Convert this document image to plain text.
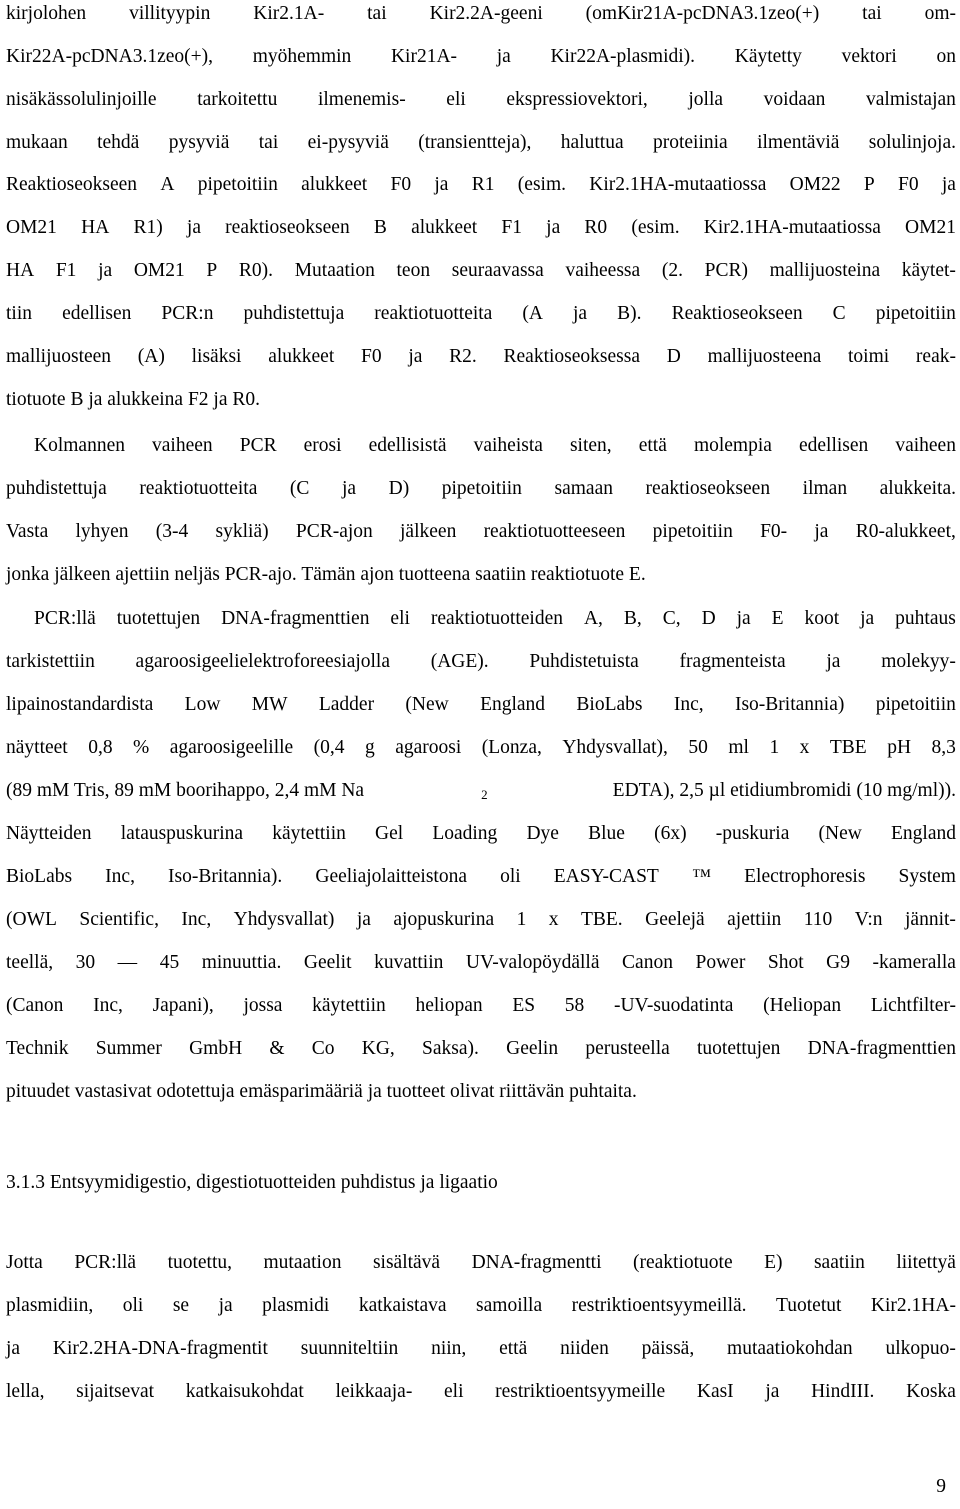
kirjolohen villityypin Kir2.1A- tai Kir2.2A-geeni (omKir21A-pcDNA3.1zeo(+) tai om-
Kir22A-pcDNA3.1zeo(+), myöhemmin Kir21A- ja Kir22A-plasmidi). Käytetty vektori on
nisäkässolulinjoille tarkoitettu ilmenemis- eli ekspressiovektori, jolla voidaan valmistajan
mukaan tehdä pysyviä tai ei-pysyviä (transientteja), haluttua proteiinia ilmentäviä solulinjoja.
Reaktioseokseen A pipetoitiin alukkeet F0 ja R1 (esim. Kir2.1HA-mutaatiossa OM22 P F0 ja
OM21 HA R1) ja reaktioseokseen B alukkeet F1 ja R0 (esim. Kir2.1HA-mutaatiossa OM21
HA F1 ja OM21 P R0). Mutaation teon seuraavassa vaiheessa (2. PCR) mallijuosteina käytet-
tiin edellisen PCR:n puhdistettuja reaktiotuotteita (A ja B). Reaktioseokseen C pipetoitiin
mallijuosteen (A) lisäksi alukkeet F0 ja R2. Reaktioseoksessa D mallijuosteena toimi reak-
tiotuote B ja alukkeina F2 ja R0.
Kolmannen vaiheen PCR erosi edellisistä vaiheista siten, että molempia edellisen vaiheen
puhdistettuja reaktiotuotteita (C ja D) pipetoitiin samaan reaktioseokseen ilman alukkeita.
Vasta lyhyen (3-4 sykliä) PCR-ajon jälkeen reaktiotuotteeseen pipetoitiin F0- ja R0-alukkeet,
jonka jälkeen ajettiin neljäs PCR-ajo. Tämän ajon tuotteena saatiin reaktiotuote E.
PCR:llä tuotettujen DNA-fragmenttien eli reaktiotuotteiden A, B, C, D ja E koot ja puhtaus
tarkistettiin agaroosigeelielektroforeesiajolla (AGE). Puhdistetuista fragmenteista ja molekyy-
lipainostandardista Low MW Ladder (New England BioLabs Inc, Iso-Britannia) pipetoitiin
näytteet 0,8 % agaroosigeelille (0,4 g agaroosi (Lonza, Yhdysvallat), 50 ml 1 x TBE pH 8,3
(89 mM Tris, 89 mM boorihappo, 2,4 mM Na	$_2$	EDTA), 2,5 µl etidiumbromidi (10 mg/ml)).
Näytteiden latauspuskurina käytettiin Gel Loading Dye Blue (6x) -puskuria (New England
BioLabs Inc, Iso-Britannia). Geeliajolaitteistona oli EASY-CAST ™ Electrophoresis System
(OWL Scientific, Inc, Yhdysvallat) ja ajopuskurina 1 x TBE. Geelejä ajettiin 110 V:n jännit-
teellä, 30 — 45 minuuttia. Geelit kuvattiin UV-valopöydällä Canon Power Shot G9 -kameralla
(Canon Inc, Japani), jossa käytettiin heliopan ES 58 -UV-suodatinta (Heliopan Lichtfilter-
Technik Summer GmbH & Co KG, Saksa). Geelin perusteella tuotettujen DNA-fragmenttien
pituudet vastasivat odotettuja emäsparimääriä ja tuotteet olivat riittävän puhtaita.
3.1.3 Entsyymidigestio, digestiotuotteiden puhdistus ja ligaatio
Jotta PCR:llä tuotettu, mutaation sisältävä DNA-fragmentti (reaktiotuote E) saatiin liitettyä
plasmidiin, oli se ja plasmidi katkaistava samoilla restriktioentsyymeillä. Tuotetut Kir2.1HA-
ja Kir2.2HA-DNA-fragmentit suunniteltiin niin, että niiden päissä, mutaatiokohdan ulkopuo-
lella, sijaitsevat katkaisukohdat leikkaaja- eli restriktioentsyymeille KasI ja HindIII. Koska
9
